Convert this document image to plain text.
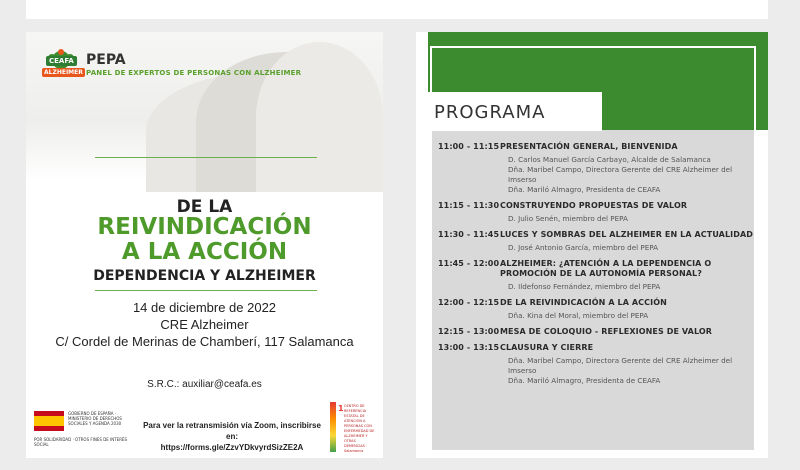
CEAFA
ALZHEIMER
PEPA
PANEL DE EXPERTOS DE PERSONAS CON ALZHEIMER
DE LA
REIVINDICACIÓN
A LA ACCIÓN
DEPENDENCIA Y ALZHEIMER
14 de diciembre de 2022
CRE Alzheimer
C/ Cordel de Merinas de Chamberí, 117 Salamanca
S.R.C.: auxiliar@ceafa.es
GOBIERNO DE ESPAÑA · MINISTERIO DE DERECHOS SOCIALES Y AGENDA 2030
POR SOLIDARIDAD · OTROS FINES DE INTERÉS SOCIAL
Para ver la retransmisión vía Zoom, inscribirse en:
https://forms.gle/ZzvYDkvyrdSizZE2A
1 CENTRO DE REFERENCIA ESTATAL DE ATENCIÓN A PERSONAS CON ENFERMEDAD DE ALZHEIMER Y OTRAS DEMENCIAS · Salamanca
PROGRAMA
11:00 - 11:15 PRESENTACIÓN GENERAL, BIENVENIDA
D. Carlos Manuel García Carbayo, Alcalde de Salamanca
Dña. Maribel Campo, Directora Gerente del CRE Alzheimer del Imserso
Dña. Mariló Almagro, Presidenta de CEAFA
11:15 - 11:30 CONSTRUYENDO PROPUESTAS DE VALOR
D. Julio Senén, miembro del PEPA
11:30 - 11:45 LUCES Y SOMBRAS DEL ALZHEIMER EN LA ACTUALIDAD
D. José Antonio García, miembro del PEPA
11:45 - 12:00 ALZHEIMER: ¿ATENCIÓN A LA DEPENDENCIA O PROMOCIÓN DE LA AUTONOMÍA PERSONAL?
D. Ildefonso Fernández, miembro del PEPA
12:00 - 12:15 DE LA REIVINDICACIÓN A LA ACCIÓN
Dña. Kina del Moral, miembro del PEPA
12:15 - 13:00 MESA DE COLOQUIO - REFLEXIONES DE VALOR
13:00 - 13:15 CLAUSURA Y CIERRE
Dña. Maribel Campo, Directora Gerente del CRE Alzheimer del Imserso
Dña. Mariló Almagro, Presidenta de CEAFA
